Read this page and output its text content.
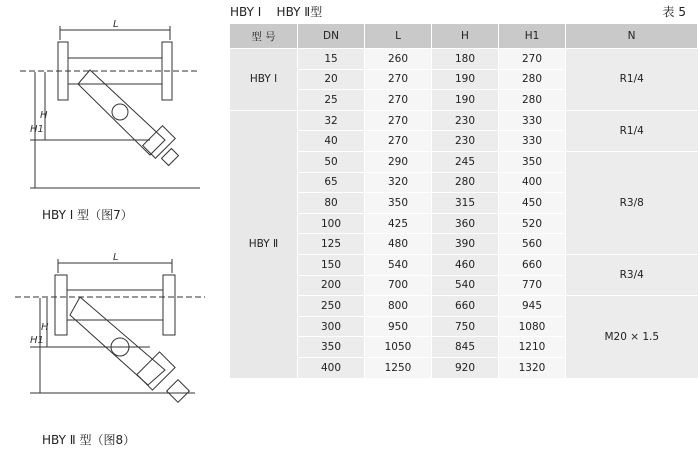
L
H
H1
HBY Ⅰ 型（图7）
L
H
H1
HBY Ⅱ 型（图8）
HBY Ⅰ    HBY Ⅱ型	表 5
型 号	DN	L	H	H1	N
HBY Ⅰ	15	260	180	270	R1/4
	20	270	190	280	
	25	270	190	280	
HBY Ⅱ	32	270	230	330	R1/4
	40	270	230	330	
	50	290	245	350	R3/8
	65	320	280	400	
	80	350	315	450	
	100	425	360	520	
	125	480	390	560	
	150	540	460	660	R3/4
	200	700	540	770	
	250	800	660	945	M20 × 1.5
	300	950	750	1080	
	350	1050	845	1210	
	400	1250	920	1320	
